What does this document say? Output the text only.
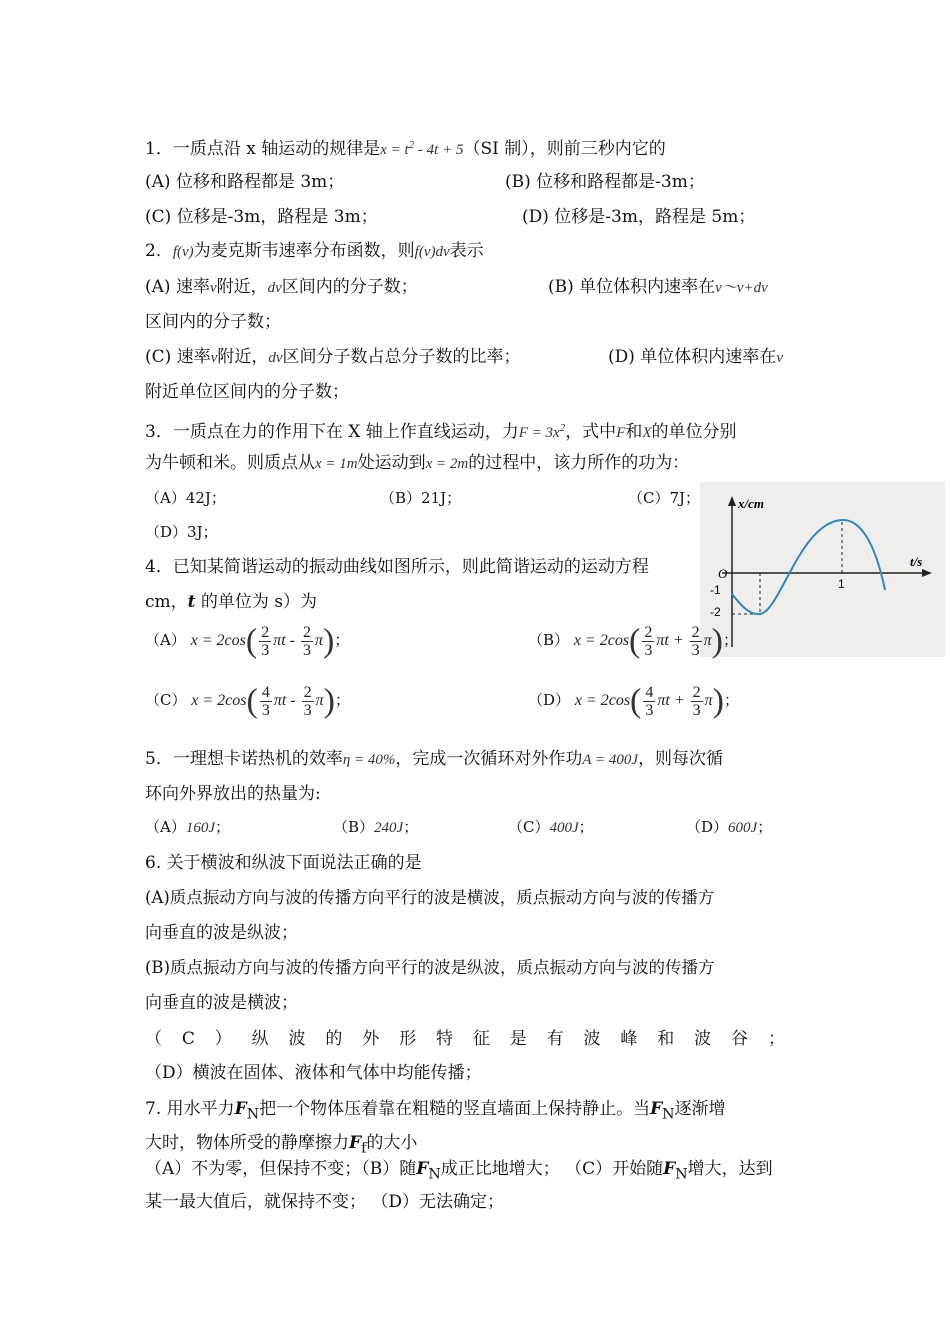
1．一质点沿 x 轴运动的规律是$x = t^2 - 4t + 5(SI$ 制），则前三秒内它的
(A) 位移和路程都是 3m；	(B) 位移和路程都是-3m；
(C) 位移是-3m，路程是 3m；	(D) 位移是-3m，路程是 5m；
2．f(v)为麦克斯韦速率分布函数，则f(v)dv表示
(A) 速率v附近，dv区间内的分子数；	(B) 单位体积内速率在v～v+dv
区间内的分子数；
(C) 速率v附近，dv区间分子数占总分子数的比率；	(D) 单位体积内速率在v
附近单位区间内的分子数；
3．一质点在力的作用下在 X 轴上作直线运动，力$F = 3x^2$，式中F和X的单位分别
为牛顿和米。则质点从x = 1m处运动到x = 2m的过程中，该力所作的功为：
（A）42J；	（B）21J；	（C）7J；
（D）3J；
x/cm
t/s
O
-1
-2
1
4．已知某简谐运动的振动曲线如图所示，则此简谐运动的运动方程
cm，t 的单位为 s）为
（A） $x = 2\cos( \frac{2}{3}$ πt - $\frac{2}{3} \pi$)；	（B） $x = 2\cos( \frac{2}{3}$ $\pi t + \frac{2}{3} \pi$)；
（C） $x = 2\cos( \frac{4}{3}$ πt - $\frac{2}{3} \pi$)；	（D） $x = 2\cos( \frac{4}{3}$ $\pi t + \frac{2}{3} \pi$)；
5．一理想卡诺热机的效率η = 40%，完成一次循环对外作功A = 400J，则每次循
环向外界放出的热量为:
（A）160J；	（B）240J；	（C）400J；	（D）600J；
6. 关于横波和纵波下面说法正确的是
(A)质点振动方向与波的传播方向平行的波是横波，质点振动方向与波的传播方
向垂直的波是纵波；
(B)质点振动方向与波的传播方向平行的波是纵波，质点振动方向与波的传播方
向垂直的波是横波；
（ C ） 纵 波 的 外 形 特 征 是 有 波 峰 和 波 谷 ；
（D）横波在固体、液体和气体中均能传播；
7. 用水平力$F_N$把一个物体压着靠在粗糙的竖直墙面上保持静止。当$F_N$逐渐增
大时，物体所受的静摩擦力$F_f$的大小
（A）不为零，但保持不变；（B）随$F_N$成正比地增大； （C）开始随$F_N$增大，达到
某一最大值后，就保持不变； （D）无法确定；
